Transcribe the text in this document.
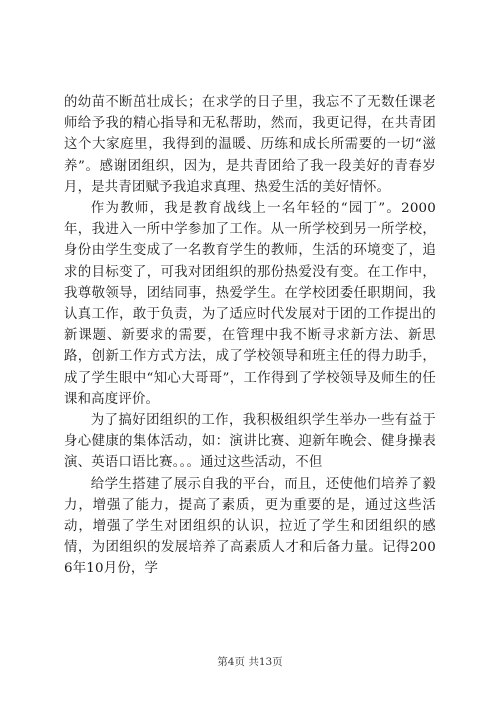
的幼苗不断茁壮成长；在求学的日子里，我忘不了无数任课老师给予我的精心指导和无私帮助，然而，我更记得，在共青团这个大家庭里，我得到的温暖、历练和成长所需要的一切“滋养”。感谢团组织，因为，是共青团给了我一段美好的青春岁月，是共青团赋予我追求真理、热爱生活的美好情怀。

作为教师，我是教育战线上一名年轻的“园丁”。2000年，我进入一所中学参加了工作。从一所学校到另一所学校，身份由学生变成了一名教育学生的教师，生活的环境变了，追求的目标变了，可我对团组织的那份热爱没有变。在工作中，我尊敬领导，团结同事，热爱学生。在学校团委任职期间，我认真工作，敢于负责，为了适应时代发展对于团的工作提出的新课题、新要求的需要，在管理中我不断寻求新方法、新思路，创新工作方式方法，成了学校领导和班主任的得力助手，成了学生眼中“知心大哥哥”，工作得到了学校领导及师生的任课和高度评价。

为了搞好团组织的工作，我积极组织学生举办一些有益于身心健康的集体活动，如：演讲比赛、迎新年晚会、健身操表演、英语口语比赛。。。通过这些活动，不但

给学生搭建了展示自我的平台，而且，还使他们培养了毅力，增强了能力，提高了素质，更为重要的是，通过这些活动，增强了学生对团组织的认识，拉近了学生和团组织的感情，为团组织的发展培养了高素质人才和后备力量。记得2006年10月份，学

第4页 共13页
